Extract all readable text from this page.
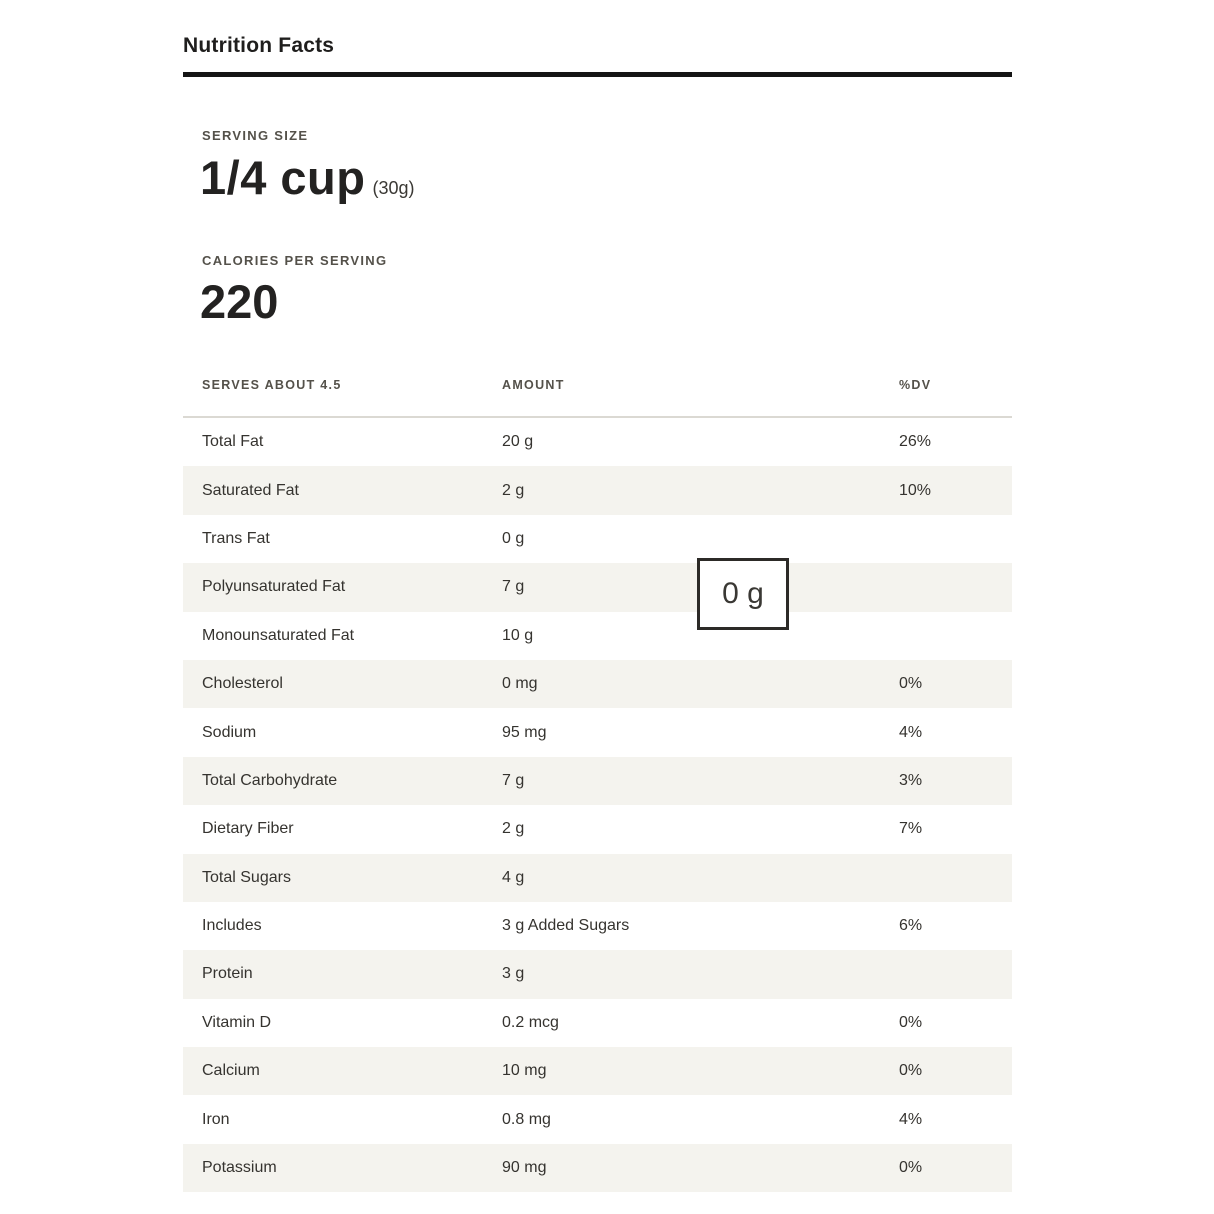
Nutrition Facts
SERVING SIZE
1/4 cup (30g)
CALORIES PER SERVING
220
SERVES ABOUT 4.5	AMOUNT	%DV
Total Fat	20 g	26%
Saturated Fat	2 g	10%
Trans Fat	0 g
Polyunsaturated Fat	7 g
Monounsaturated Fat	10 g
Cholesterol	0 mg	0%
Sodium	95 mg	4%
Total Carbohydrate	7 g	3%
Dietary Fiber	2 g	7%
Total Sugars	4 g
Includes	3 g Added Sugars	6%
Protein	3 g
Vitamin D	0.2 mcg	0%
Calcium	10 mg	0%
Iron	0.8 mg	4%
Potassium	90 mg	0%
0 g
